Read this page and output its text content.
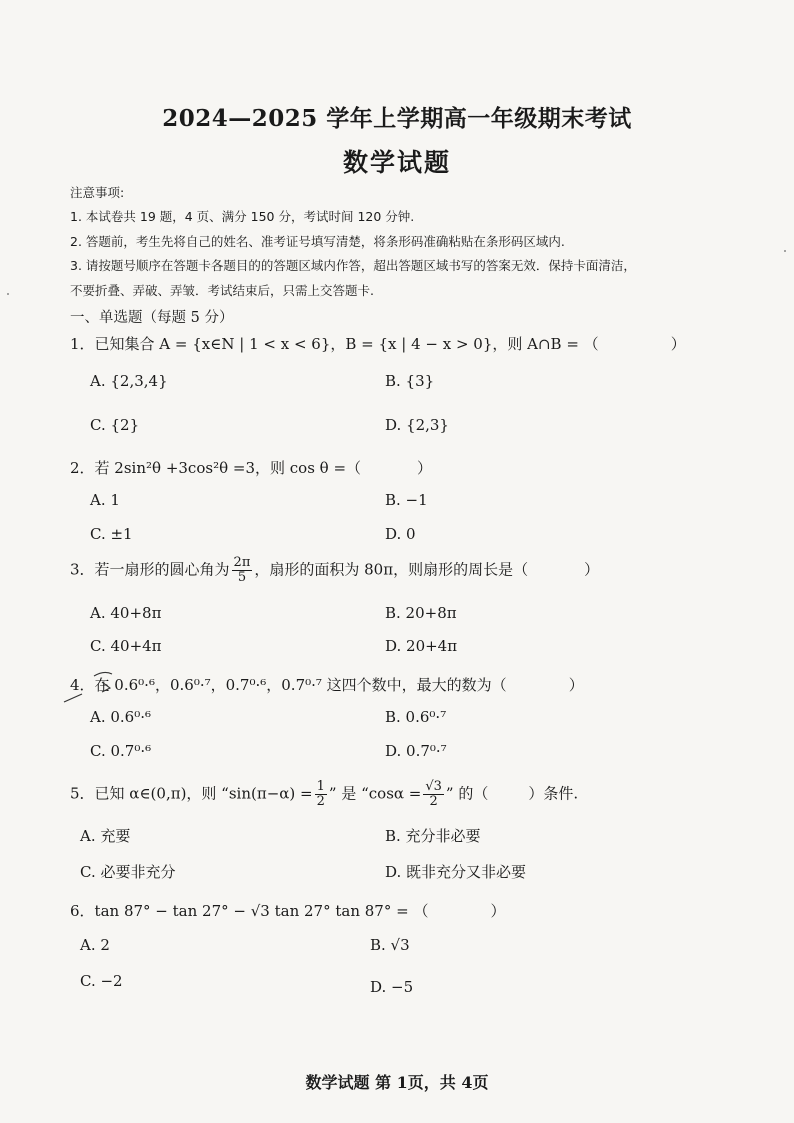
2024—2025 学年上学期高一年级期末考试
数学试题
注意事项:
1. 本试卷共 19 题，4 页、满分 150 分，考试时间 120 分钟.
2. 答题前，考生先将自己的姓名、准考证号填写清楚，将条形码准确粘贴在条形码区域内.
3. 请按题号顺序在答题卡各题目的的答题区域内作答，超出答题区域书写的答案无效．保持卡面清洁，
不要折叠、弄破、弄皱．考试结束后，只需上交答题卡.
一、单选题（每题 5 分）
1．已知集合 A = {x∈N | 1 < x < 6}，B = {x | 4 − x > 0}，则 A∩B = （	）
A. {2,3,4}	B. {3}
C. {2}	D. {2,3}
2．若 2sin²θ +3cos²θ =3，则 cos θ =（	）
A. 1	B. −1
C. ±1	D. 0
3．若一扇形的圆心角为 $\frac{2\pi}{5}$ ，扇形的面积为 80π，则扇形的周长是（	）
A. 40+8π	B. 20+8π
C. 40+4π	D. 20+4π
4．在 0.6⁰·⁶，0.6⁰·⁷，0.7⁰·⁶，0.7⁰·⁷ 这四个数中，最大的数为（	）
A. 0.6⁰·⁶	B. 0.6⁰·⁷
C. 0.7⁰·⁶	D. 0.7⁰·⁷
5．已知 α∈(0,π)，则 “$\sin(\pi-\alpha) = \frac{1}{2}$ ” 是 “$\cos\alpha = \frac{√3}{2}$ ” 的（	）条件.
A. 充要	B. 充分非必要
C. 必要非充分	D. 既非充分又非必要
6．tan 87° − tan 27° − √3 tan 27° tan 87° = （	）
A. 2	B. √3
C. −2	D. −5
数学试题 第 1页，共 4页
